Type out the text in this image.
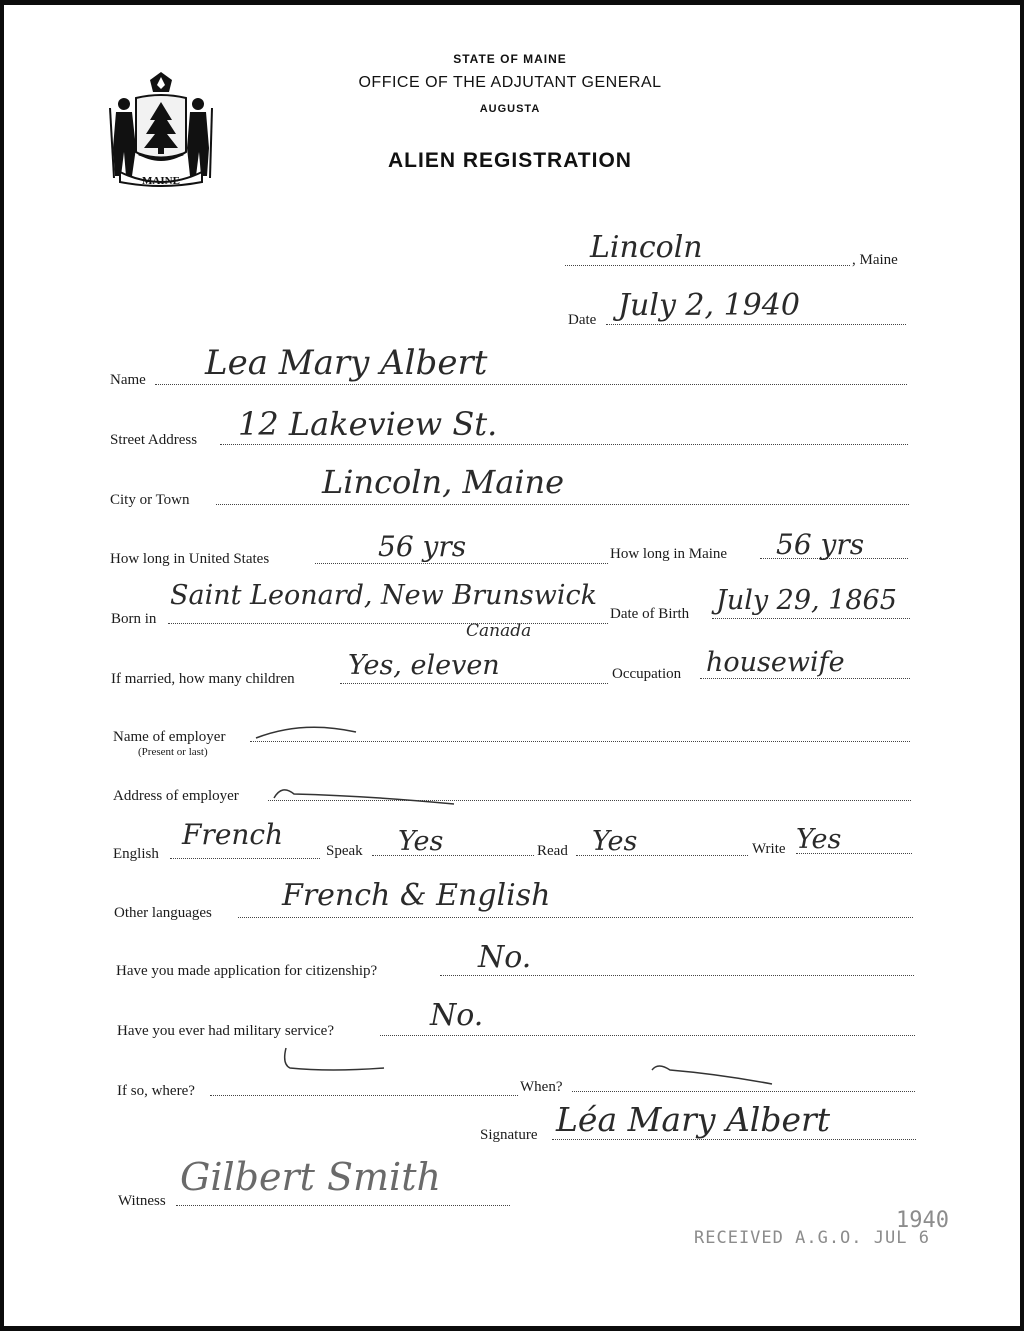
MAINE
STATE OF MAINE
OFFICE OF THE ADJUTANT GENERAL
AUGUSTA
ALIEN REGISTRATION
Lincoln	, Maine
Date July 2, 1940
Name Lea Mary Albert
Street Address 12 Lakeview St.
City or Town	Lincoln, Maine
How long in United States	56 yrs	How long in Maine 56 yrs
Born in
Saint Leonard, New Brunswick
Canada
Date of Birth July 29, 1865
If married, how many children Yes, eleven	Occupation housewife
Name of employer
(Present or last)
Address of employer
English
French	Speak Yes	Read Yes	Write Yes
Other languages French & English
Have you made application for citizenship?	No.
Have you ever had military service?	No.
If so, where?	When?
Signature Léa Mary Albert
Witness
Gilbert Smith
RECEIVED A.G.O. JUL 6
1940
